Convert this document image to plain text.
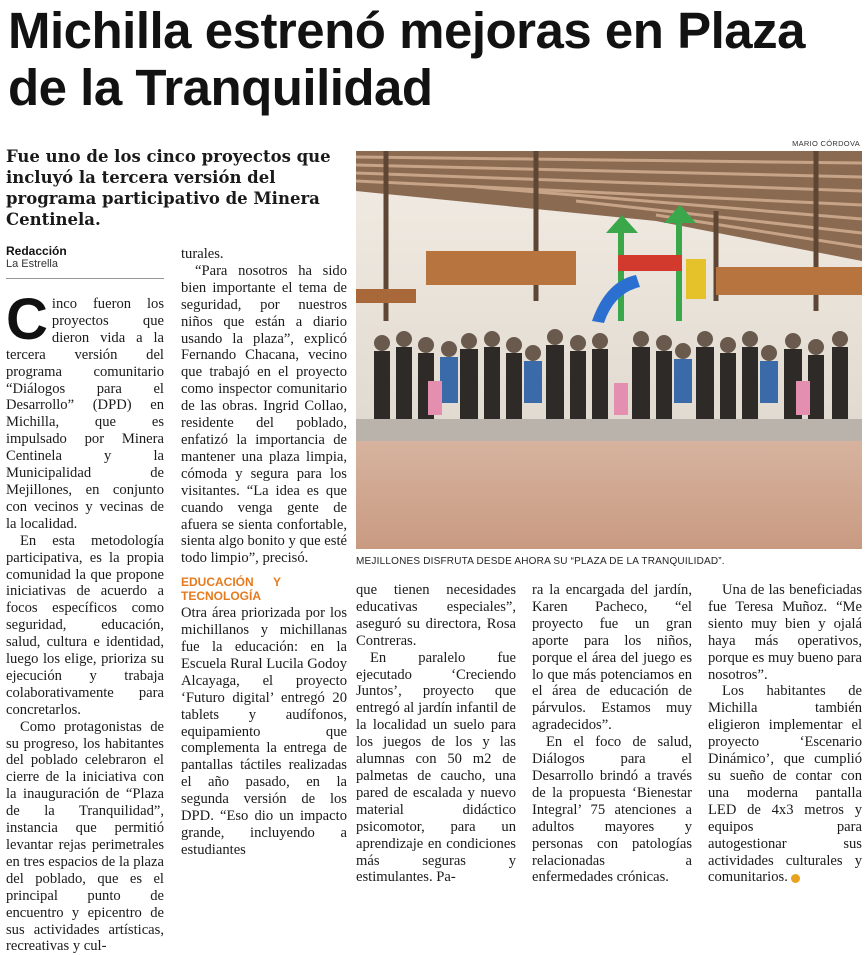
Michilla estrenó mejoras en Plaza de la Tranquilidad
MARIO CÓRDOVA

Fue uno de los cinco proyectos que incluyó la tercera versión del programa participativo de Minera Centinela.

Redacción
La Estrella
MEJILLONES DISFRUTA DESDE AHORA SU “PLAZA DE LA TRANQUILIDAD”.

Cinco fueron los proyectos que dieron vida a la tercera versión del programa comunitario “Diálogos para el Desarrollo” (DPD) en Michilla, que es impulsado por Minera Centinela y la Municipalidad de Mejillones, en conjunto con vecinos y vecinas de la localidad.

En esta metodología participativa, es la propia comunidad la que propone iniciativas de acuerdo a focos específicos como seguridad, educación, salud, cultura e identidad, luego los elige, prioriza su ejecución y trabaja colaborativamente para concretarlos.

Como protagonistas de su progreso, los habitantes del poblado celebraron el cierre de la iniciativa con la inauguración de “Plaza de la Tranquilidad”, instancia que permitió levantar rejas perimetrales en tres espacios de la plaza del poblado, que es el principal punto de encuentro y epicentro de sus actividades artísticas, recreativas y cul-

turales.

“Para nosotros ha sido bien importante el tema de seguridad, por nuestros niños que están a diario usando la plaza”, explicó Fernando Chacana, vecino que trabajó en el proyecto como inspector comunitario de las obras. Ingrid Collao, residente del poblado, enfatizó la importancia de mantener una plaza limpia, cómoda y segura para los visitantes. “La idea es que cuando venga gente de afuera se sienta confortable, sienta algo bonito y que esté todo limpio”, precisó.

EDUCACIÓN Y TECNOLOGÍA

Otra área priorizada por los michillanos y michillanas fue la educación: en la Escuela Rural Lucila Godoy Alcayaga, el proyecto ‘Futuro digital’ entregó 20 tablets y audífonos, equipamiento que complementa la entrega de pantallas táctiles realizadas el año pasado, en la segunda versión de los DPD. “Eso dio un impacto grande, incluyendo a estudiantes

que tienen necesidades educativas especiales”, aseguró su directora, Rosa Contreras.

En paralelo fue ejecutado ‘Creciendo Juntos’, proyecto que entregó al jardín infantil de la localidad un suelo para los juegos de los y las alumnas con 50 m2 de palmetas de caucho, una pared de escalada y nuevo material didáctico psicomotor, para un aprendizaje en condiciones más seguras y estimulantes. Pa-

ra la encargada del jardín, Karen Pacheco, “el proyecto fue un gran aporte para los niños, porque el área del juego es lo que más potenciamos en el área de educación de párvulos. Estamos muy agradecidos”.

En el foco de salud, Diálogos para el Desarrollo brindó a través de la propuesta ‘Bienestar Integral’ 75 atenciones a adultos mayores y personas con patologías relacionadas a enfermedades crónicas.

Una de las beneficiadas fue Teresa Muñoz. “Me siento muy bien y ojalá haya más operativos, porque es muy bueno para nosotros”.

Los habitantes de Michilla también eligieron implementar el proyecto ‘Escenario Dinámico’, que cumplió su sueño de contar con una moderna pantalla LED de 4x3 metros y equipos para autogestionar sus actividades culturales y comunitarios.
